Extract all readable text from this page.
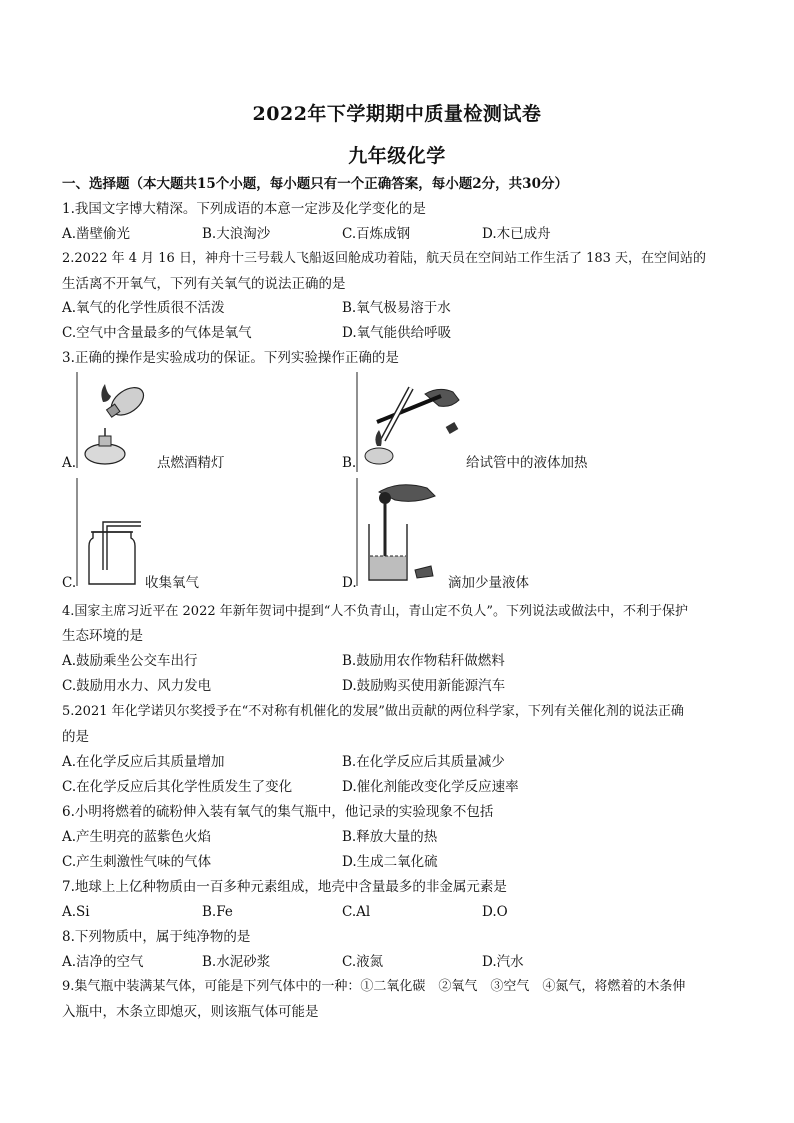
2022年下学期期中质量检测试卷
九年级化学
一、选择题（本大题共15个小题，每小题只有一个正确答案，每小题2分，共30分）
1.我国文字博大精深。下列成语的本意一定涉及化学变化的是
A.凿壁偷光	B.大浪淘沙	C.百炼成钢	D.木已成舟
2.2022 年 4 月 16 日，神舟十三号载人飞船返回舱成功着陆，航天员在空间站工作生活了 183 天，在空间站的
生活离不开氧气，下列有关氧气的说法正确的是
A.氧气的化学性质很不活泼	B.氧气极易溶于水
C.空气中含量最多的气体是氧气	D.氧气能供给呼吸
3.正确的操作是实验成功的保证。下列实验操作正确的是
A.	点燃酒精灯	B.	给试管中的液体加热
C.	收集氧气	D.	滴加少量液体
4.国家主席习近平在 2022 年新年贺词中提到“人不负青山，青山定不负人”。下列说法或做法中，不利于保护
生态环境的是
A.鼓励乘坐公交车出行	B.鼓励用农作物秸秆做燃料
C.鼓励用水力、风力发电	D.鼓励购买使用新能源汽车
5.2021 年化学诺贝尔奖授予在“不对称有机催化的发展”做出贡献的两位科学家，下列有关催化剂的说法正确
的是
A.在化学反应后其质量增加	B.在化学反应后其质量减少
C.在化学反应后其化学性质发生了变化	D.催化剂能改变化学反应速率
6.小明将燃着的硫粉伸入装有氧气的集气瓶中，他记录的实验现象不包括
A.产生明亮的蓝紫色火焰	B.释放大量的热
C.产生刺激性气味的气体	D.生成二氧化硫
7.地球上上亿种物质由一百多种元素组成，地壳中含量最多的非金属元素是
A.Si	B.Fe	C.Al	D.O
8.下列物质中，属于纯净物的是
A.洁净的空气	B.水泥砂浆	C.液氮	D.汽水
9.集气瓶中装满某气体，可能是下列气体中的一种：①二氧化碳　②氧气　③空气　④氮气，将燃着的木条伸
入瓶中，木条立即熄灭，则该瓶气体可能是
